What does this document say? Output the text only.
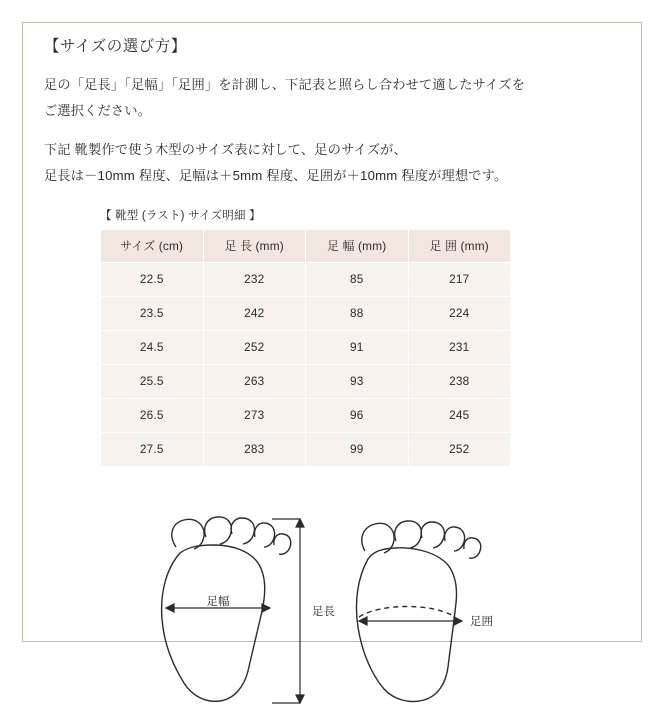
【サイズの選び方】

足の「足長」「足幅」「足囲」を計測し、下記表と照らし合わせて適したサイズを

ご選択ください。

下記 靴製作で使う木型のサイズ表に対して、足のサイズが、

足長は－10mm 程度、足幅は＋5mm 程度、足囲が＋10mm 程度が理想です。

【 靴型 (ラスト) サイズ明細 】
サイズ (cm)	足 長 (mm)	足 幅 (mm)	足 囲 (mm)
22.5	232	85	217
23.5	242	88	224
24.5	252	91	231
25.5	263	93	238
26.5	273	96	245
27.5	283	99	252
足幅
足長
足囲
